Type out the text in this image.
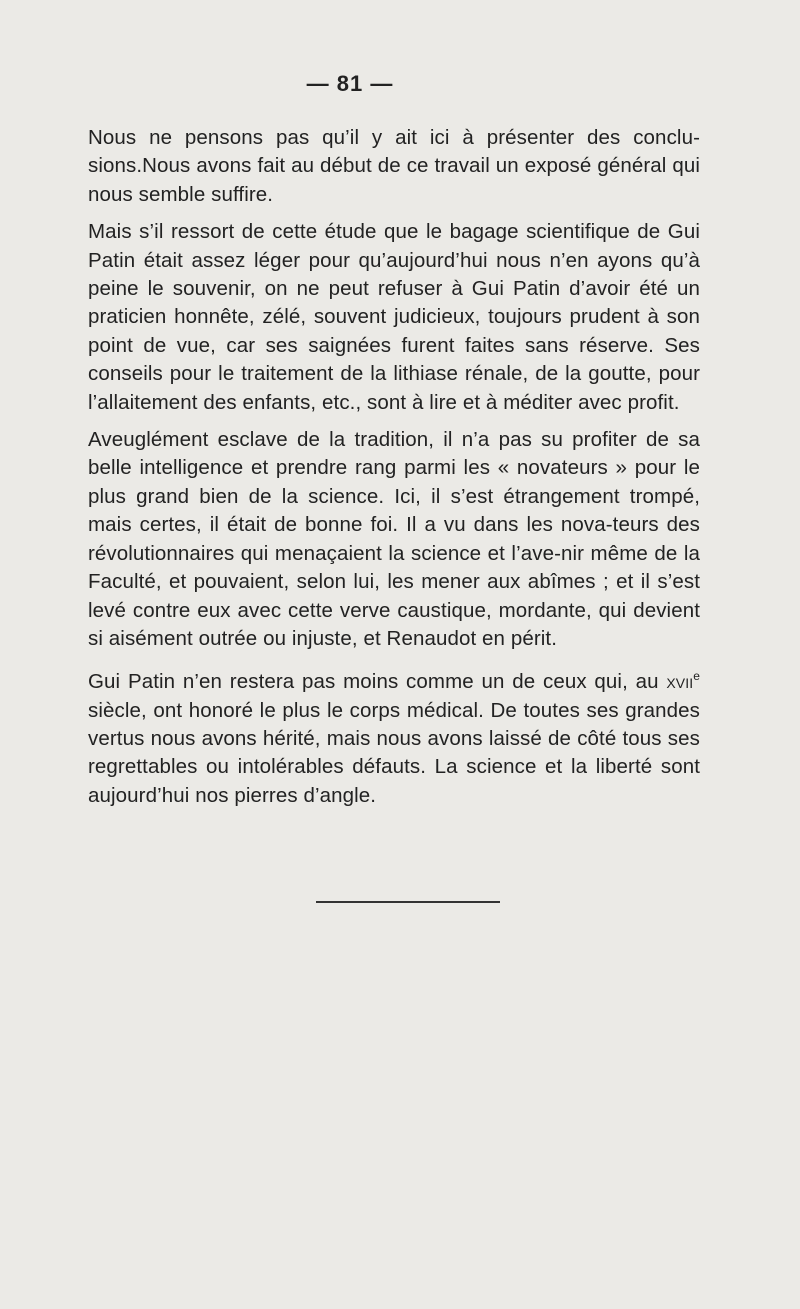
— 81 —

Nous ne pensons pas qu’il y ait ici à présenter des conclu-sions.Nous avons fait au début de ce travail un exposé général qui nous semble suffire.

Mais s’il ressort de cette étude que le bagage scientifique de Gui Patin était assez léger pour qu’aujourd’hui nous n’en ayons qu’à peine le souvenir, on ne peut refuser à Gui Patin d’avoir été un praticien honnête, zélé, souvent judicieux, toujours prudent à son point de vue, car ses saignées furent faites sans réserve. Ses conseils pour le traitement de la lithiase rénale, de la goutte, pour l’allaitement des enfants, etc., sont à lire et à méditer avec profit.

Aveuglément esclave de la tradition, il n’a pas su profiter de sa belle intelligence et prendre rang parmi les « novateurs » pour le plus grand bien de la science. Ici, il s’est étrangement trompé, mais certes, il était de bonne foi. Il a vu dans les nova-teurs des révolutionnaires qui menaçaient la science et l’ave-nir même de la Faculté, et pouvaient, selon lui, les mener aux abîmes ; et il s’est levé contre eux avec cette verve caustique, mordante, qui devient si aisément outrée ou injuste, et Renaudot en périt.

Gui Patin n’en restera pas moins comme un de ceux qui, au xvii$^e$ siècle, ont honoré le plus le corps médical. De toutes ses grandes vertus nous avons hérité, mais nous avons laissé de côté tous ses regrettables ou intolérables défauts. La science et la liberté sont aujourd’hui nos pierres d’angle.
